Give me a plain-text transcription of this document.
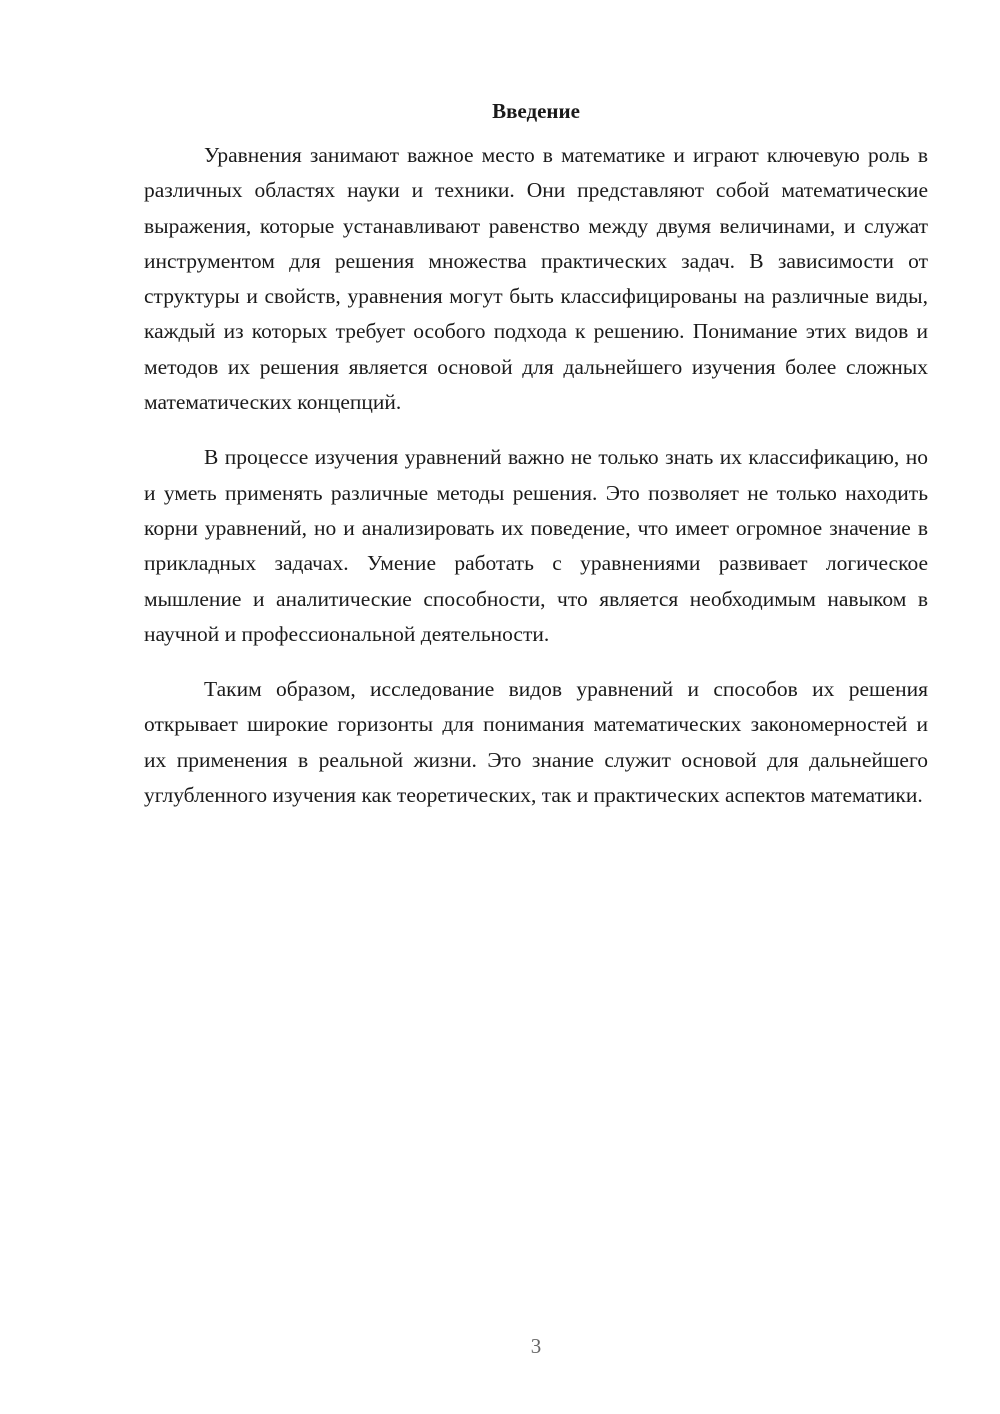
Введение

Уравнения занимают важное место в математике и играют ключевую роль в различных областях науки и техники. Они представляют собой математические выражения, которые устанавливают равенство между двумя величинами, и служат инструментом для решения множества практических задач. В зависимости от структуры и свойств, уравнения могут быть классифицированы на различные виды, каждый из которых требует особого подхода к решению. Понимание этих видов и методов их решения является основой для дальнейшего изучения более сложных математических концепций.

В процессе изучения уравнений важно не только знать их классификацию, но и уметь применять различные методы решения. Это позволяет не только находить корни уравнений, но и анализировать их поведение, что имеет огромное значение в прикладных задачах. Умение работать с уравнениями развивает логическое мышление и аналитические способности, что является необходимым навыком в научной и профессиональной деятельности.

Таким образом, исследование видов уравнений и способов их решения открывает широкие горизонты для понимания математических закономерностей и их применения в реальной жизни. Это знание служит основой для дальнейшего углубленного изучения как теоретических, так и практических аспектов математики.

3
